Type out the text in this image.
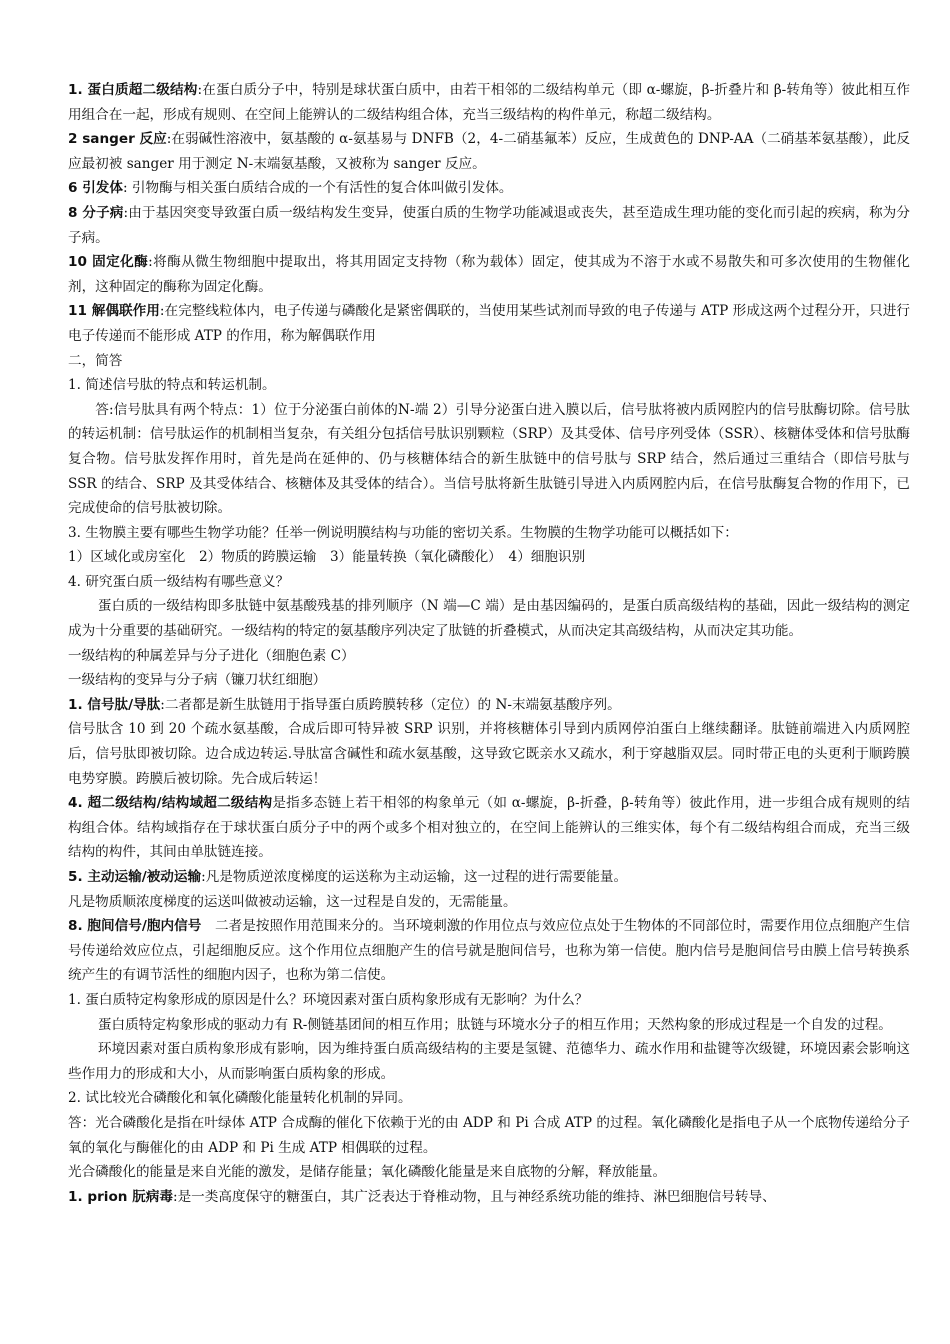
1. 蛋白质超二级结构:在蛋白质分子中，特别是球状蛋白质中，由若干相邻的二级结构单元（即 α-螺旋，β-折叠片和 β-转角等）彼此相互作用组合在一起，形成有规则、在空间上能辨认的二级结构组合体，充当三级结构的构件单元，称超二级结构。

2 sanger 反应:在弱碱性溶液中，氨基酸的 α-氨基易与 DNFB（2，4-二硝基氟苯）反应，生成黄色的 DNP-AA（二硝基苯氨基酸），此反应最初被 sanger 用于测定 N-末端氨基酸，又被称为 sanger 反应。

6 引发体: 引物酶与相关蛋白质结合成的一个有活性的复合体叫做引发体。

8 分子病:由于基因突变导致蛋白质一级结构发生变异，使蛋白质的生物学功能减退或丧失，甚至造成生理功能的变化而引起的疾病，称为分子病。

10 固定化酶:将酶从微生物细胞中提取出，将其用固定支持物（称为载体）固定，使其成为不溶于水或不易散失和可多次使用的生物催化剂，这种固定的酶称为固定化酶。

11 解偶联作用:在完整线粒体内，电子传递与磷酸化是紧密偶联的，当使用某些试剂而导致的电子传递与 ATP 形成这两个过程分开，只进行电子传递而不能形成 ATP 的作用，称为解偶联作用

二，简答

1. 简述信号肽的特点和转运机制。

答:信号肽具有两个特点：1）位于分泌蛋白前体的N-端 2）引导分泌蛋白进入膜以后，信号肽将被内质网腔内的信号肽酶切除。信号肽的转运机制：信号肽运作的机制相当复杂，有关组分包括信号肽识别颗粒（SRP）及其受体、信号序列受体（SSR）、核糖体受体和信号肽酶复合物。信号肽发挥作用时，首先是尚在延伸的、仍与核糖体结合的新生肽链中的信号肽与 SRP 结合，然后通过三重结合（即信号肽与 SSR 的结合、SRP 及其受体结合、核糖体及其受体的结合）。当信号肽将新生肽链引导进入内质网腔内后，在信号肽酶复合物的作用下，已完成使命的信号肽被切除。

3. 生物膜主要有哪些生物学功能？任举一例说明膜结构与功能的密切关系。生物膜的生物学功能可以概括如下：

1）区域化或房室化　2）物质的跨膜运输　3）能量转换（氧化磷酸化）　4）细胞识别

4. 研究蛋白质一级结构有哪些意义？

蛋白质的一级结构即多肽链中氨基酸残基的排列顺序（N 端—C 端）是由基因编码的，是蛋白质高级结构的基础，因此一级结构的测定成为十分重要的基础研究。一级结构的特定的氨基酸序列决定了肽链的折叠模式，从而决定其高级结构，从而决定其功能。

一级结构的种属差异与分子进化（细胞色素 C）

一级结构的变异与分子病（镰刀状红细胞）

1. 信号肽/导肽:二者都是新生肽链用于指导蛋白质跨膜转移（定位）的 N-末端氨基酸序列。

信号肽含 10 到 20 个疏水氨基酸，合成后即可特异被 SRP 识别，并将核糖体引导到内质网停泊蛋白上继续翻译。肽链前端进入内质网腔后，信号肽即被切除。边合成边转运.导肽富含碱性和疏水氨基酸，这导致它既亲水又疏水，利于穿越脂双层。同时带正电的头更利于顺跨膜电势穿膜。跨膜后被切除。先合成后转运！

4. 超二级结构/结构域超二级结构是指多态链上若干相邻的构象单元（如 α-螺旋，β-折叠，β-转角等）彼此作用，进一步组合成有规则的结构组合体。结构域指存在于球状蛋白质分子中的两个或多个相对独立的，在空间上能辨认的三维实体，每个有二级结构组合而成，充当三级结构的构件，其间由单肽链连接。

5. 主动运输/被动运输:凡是物质逆浓度梯度的运送称为主动运输，这一过程的进行需要能量。

凡是物质顺浓度梯度的运送叫做被动运输，这一过程是自发的，无需能量。

8. 胞间信号/胞内信号　二者是按照作用范围来分的。当环境刺激的作用位点与效应位点处于生物体的不同部位时，需要作用位点细胞产生信号传递给效应位点，引起细胞反应。这个作用位点细胞产生的信号就是胞间信号，也称为第一信使。胞内信号是胞间信号由膜上信号转换系统产生的有调节活性的细胞内因子，也称为第二信使。

1. 蛋白质特定构象形成的原因是什么？环境因素对蛋白质构象形成有无影响？为什么？

蛋白质特定构象形成的驱动力有 R-侧链基团间的相互作用；肽链与环境水分子的相互作用；天然构象的形成过程是一个自发的过程。

环境因素对蛋白质构象形成有影响，因为维持蛋白质高级结构的主要是氢键、范德华力、疏水作用和盐键等次级键，环境因素会影响这些作用力的形成和大小，从而影响蛋白质构象的形成。

2. 试比较光合磷酸化和氧化磷酸化能量转化机制的异同。

答：光合磷酸化是指在叶绿体 ATP 合成酶的催化下依赖于光的由 ADP 和 Pi 合成 ATP 的过程。氧化磷酸化是指电子从一个底物传递给分子氧的氧化与酶催化的由 ADP 和 Pi 生成 ATP 相偶联的过程。

光合磷酸化的能量是来自光能的激发，是储存能量；氧化磷酸化能量是来自底物的分解，释放能量。

1. prion 朊病毒:是一类高度保守的糖蛋白，其广泛表达于脊椎动物，且与神经系统功能的维持、淋巴细胞信号转导、
